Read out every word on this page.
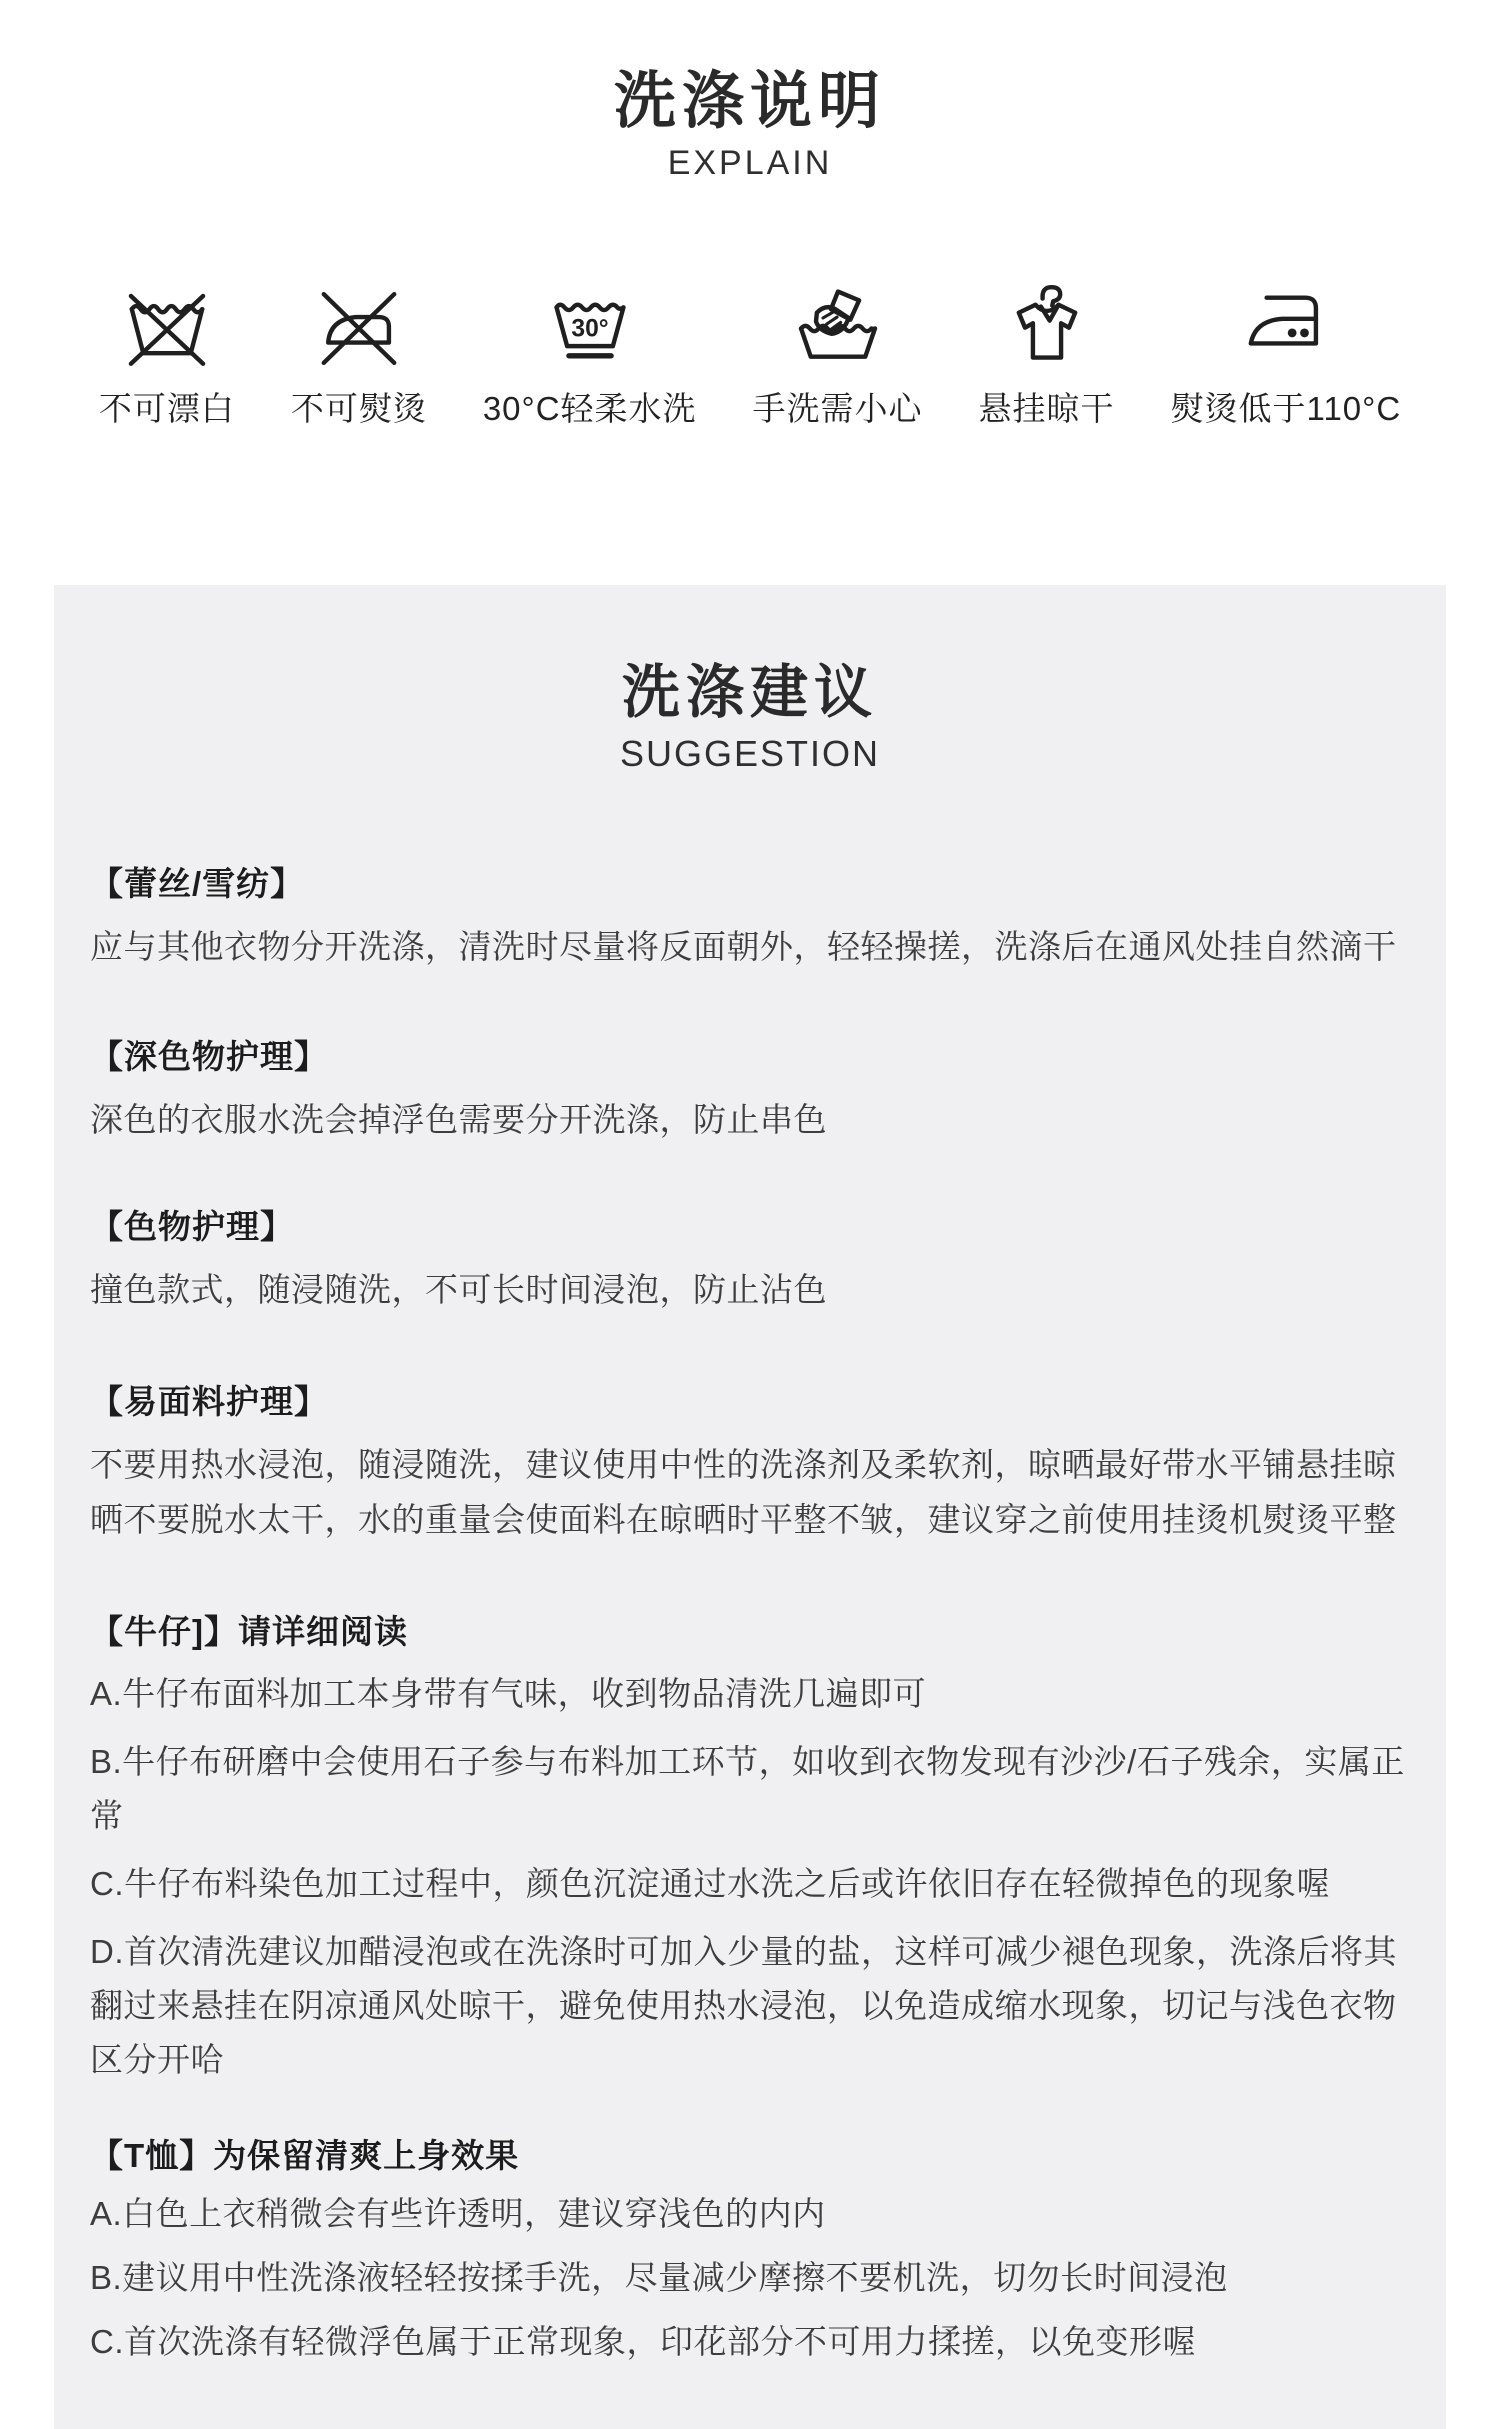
洗涤说明
EXPLAIN
不可漂白 不可熨烫
30°
30°C轻柔水洗 手洗需小心 悬挂晾干 熨烫低于110°C
洗涤建议
SUGGESTION
【蕾丝/雪纺】

应与其他衣物分开洗涤，清洗时尽量将反面朝外，轻轻操搓，洗涤后在通风处挂自然滴干

【深色物护理】

深色的衣服水洗会掉浮色需要分开洗涤，防止串色

【色物护理】

撞色款式，随浸随洗，不可长时间浸泡，防止沾色

【易面料护理】

不要用热水浸泡，随浸随洗，建议使用中性的洗涤剂及柔软剂，晾晒最好带水平铺悬挂晾晒不要脱水太干，水的重量会使面料在晾晒时平整不皱，建议穿之前使用挂烫机熨烫平整

【牛仔]】请详细阅读

A.牛仔布面料加工本身带有气味，收到物品清洗几遍即可

B.牛仔布研磨中会使用石子参与布料加工环节，如收到衣物发现有沙沙/石子残余，实属正常

C.牛仔布料染色加工过程中，颜色沉淀通过水洗之后或许依旧存在轻微掉色的现象喔

D.首次清洗建议加醋浸泡或在洗涤时可加入少量的盐，这样可减少褪色现象，洗涤后将其翻过来悬挂在阴凉通风处晾干，避免使用热水浸泡，以免造成缩水现象，切记与浅色衣物区分开哈

【T恤】为保留清爽上身效果

A.白色上衣稍微会有些许透明，建议穿浅色的内内

B.建议用中性洗涤液轻轻按揉手洗，尽量减少摩擦不要机洗，切勿长时间浸泡

C.首次洗涤有轻微浮色属于正常现象，印花部分不可用力揉搓，以免变形喔
